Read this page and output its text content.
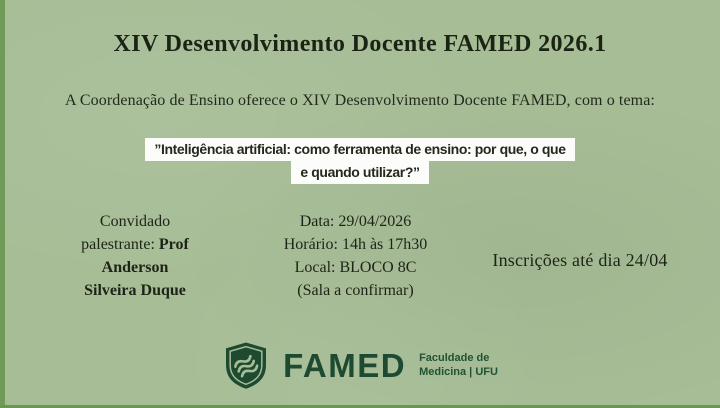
XIV Desenvolvimento Docente FAMED 2026.1

A Coordenação de Ensino oferece o XIV Desenvolvimento Docente FAMED, com o tema:

”Inteligência artificial: como ferramenta de ensino: por que, o que
e quando utilizar?”
Convidado
palestrante: Prof
Anderson
Silveira Duque
Data: 29/04/2026
Horário: 14h às 17h30
Local: BLOCO 8C
(Sala a confirmar)
Inscrições até dia 24/04
FAMED Faculdade de
Medicina | UFU
